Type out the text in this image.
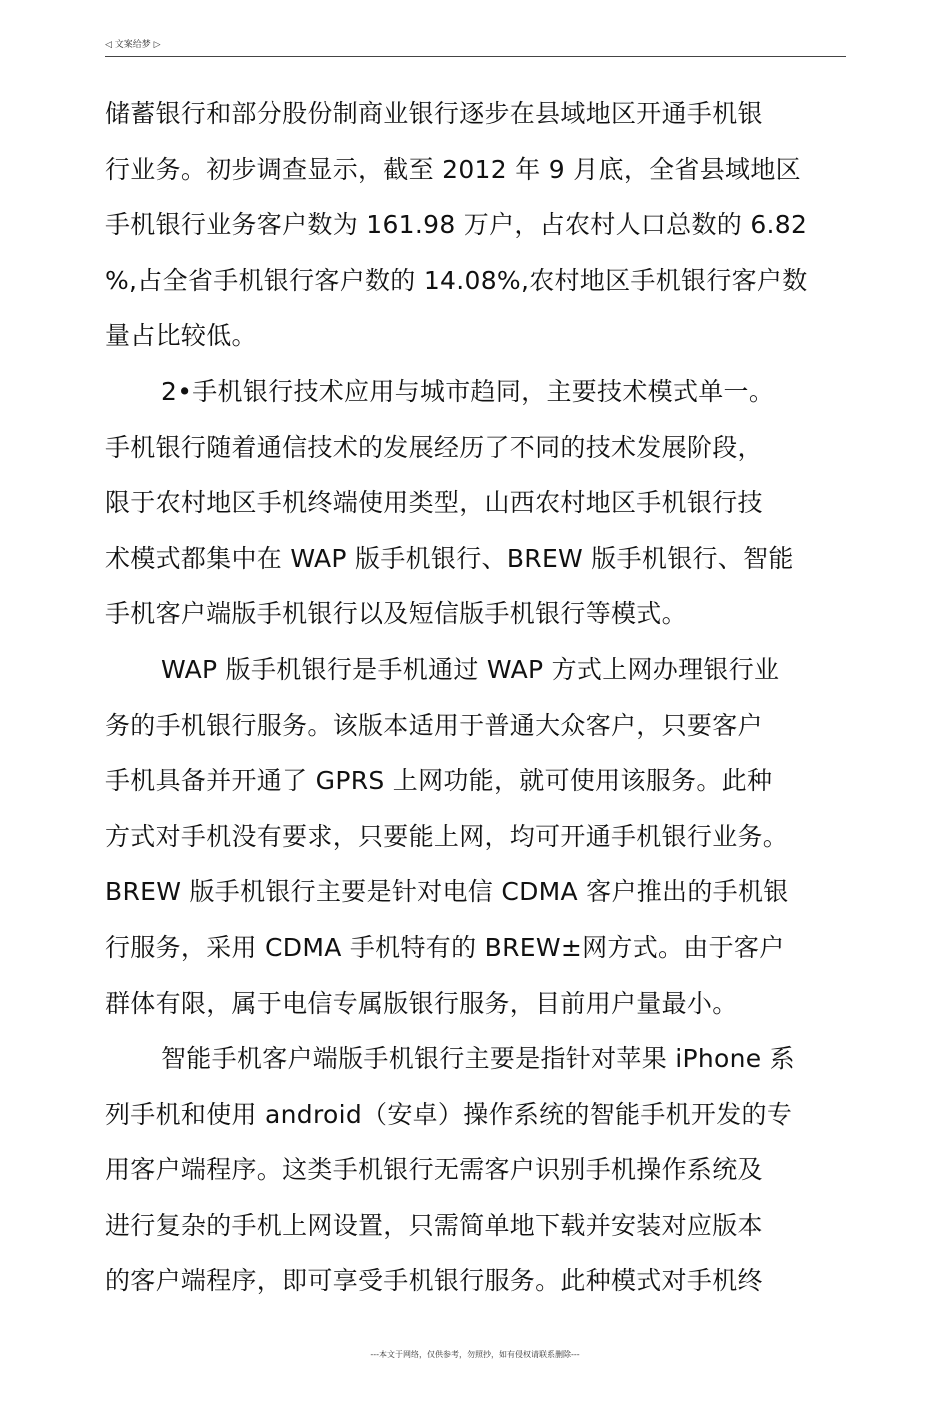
◁ 文案给梦 ▷
储蓄银行和部分股份制商业银行逐步在县域地区开通手机银
行业务。初步调查显示，截至 2012 年 9 月底，全省县域地区
手机银行业务客户数为 161.98 万户，占农村人口总数的 6.82
%,占全省手机银行客户数的 14.08%,农村地区手机银行客户数
量占比较低。
2•手机银行技术应用与城市趋同，主要技术模式单一。
手机银行随着通信技术的发展经历了不同的技术发展阶段，
限于农村地区手机终端使用类型，山西农村地区手机银行技
术模式都集中在 WAP 版手机银行、BREW 版手机银行、智能
手机客户端版手机银行以及短信版手机银行等模式。
WAP 版手机银行是手机通过 WAP 方式上网办理银行业
务的手机银行服务。该版本适用于普通大众客户，只要客户
手机具备并开通了 GPRS 上网功能，就可使用该服务。此种
方式对手机没有要求，只要能上网，均可开通手机银行业务。
BREW 版手机银行主要是针对电信 CDMA 客户推出的手机银
行服务，采用 CDMA 手机特有的 BREW±网方式。由于客户
群体有限，属于电信专属版银行服务，目前用户量最小。
智能手机客户端版手机银行主要是指针对苹果 iPhone 系
列手机和使用 android（安卓）操作系统的智能手机开发的专
用客户端程序。这类手机银行无需客户识别手机操作系统及
进行复杂的手机上网设置，只需简单地下载并安装对应版本
的客户端程序，即可享受手机银行服务。此种模式对手机终
---本文于网络，仅供参考，勿照抄，如有侵权请联系删除---
